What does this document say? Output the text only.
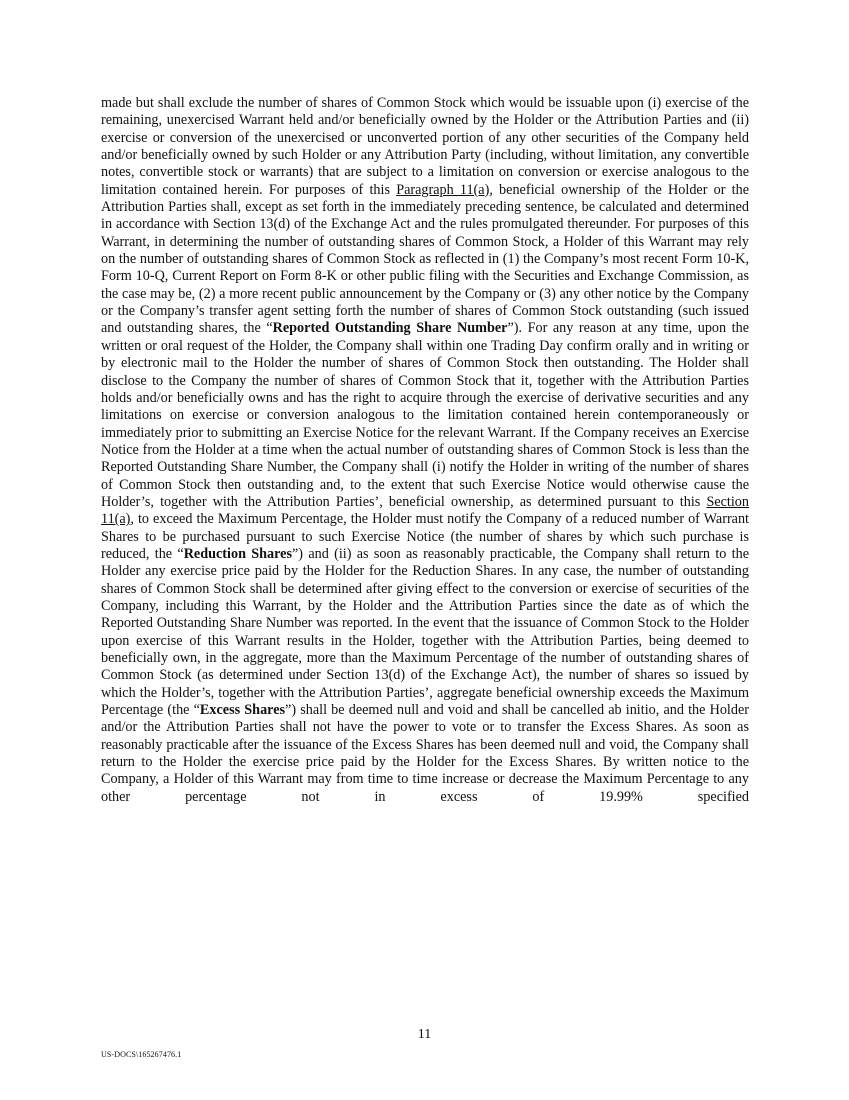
made but shall exclude the number of shares of Common Stock which would be issuable upon (i) exercise of the remaining, unexercised Warrant held and/or beneficially owned by the Holder or the Attribution Parties and (ii) exercise or conversion of the unexercised or unconverted portion of any other securities of the Company held and/or beneficially owned by such Holder or any Attribution Party (including, without limitation, any convertible notes, convertible stock or warrants) that are subject to a limitation on conversion or exercise analogous to the limitation contained herein. For purposes of this Paragraph 11(a), beneficial ownership of the Holder or the Attribution Parties shall, except as set forth in the immediately preceding sentence, be calculated and determined in accordance with Section 13(d) of the Exchange Act and the rules promulgated thereunder. For purposes of this Warrant, in determining the number of outstanding shares of Common Stock, a Holder of this Warrant may rely on the number of outstanding shares of Common Stock as reflected in (1) the Company’s most recent Form 10-K, Form 10-Q, Current Report on Form 8-K or other public filing with the Securities and Exchange Commission, as the case may be, (2) a more recent public announcement by the Company or (3) any other notice by the Company or the Company’s transfer agent setting forth the number of shares of Common Stock outstanding (such issued and outstanding shares, the “Reported Outstanding Share Number”). For any reason at any time, upon the written or oral request of the Holder, the Company shall within one Trading Day confirm orally and in writing or by electronic mail to the Holder the number of shares of Common Stock then outstanding. The Holder shall disclose to the Company the number of shares of Common Stock that it, together with the Attribution Parties holds and/or beneficially owns and has the right to acquire through the exercise of derivative securities and any limitations on exercise or conversion analogous to the limitation contained herein contemporaneously or immediately prior to submitting an Exercise Notice for the relevant Warrant. If the Company receives an Exercise Notice from the Holder at a time when the actual number of outstanding shares of Common Stock is less than the Reported Outstanding Share Number, the Company shall (i) notify the Holder in writing of the number of shares of Common Stock then outstanding and, to the extent that such Exercise Notice would otherwise cause the Holder’s, together with the Attribution Parties’, beneficial ownership, as determined pursuant to this Section 11(a), to exceed the Maximum Percentage, the Holder must notify the Company of a reduced number of Warrant Shares to be purchased pursuant to such Exercise Notice (the number of shares by which such purchase is reduced, the “Reduction Shares”) and (ii) as soon as reasonably practicable, the Company shall return to the Holder any exercise price paid by the Holder for the Reduction Shares. In any case, the number of outstanding shares of Common Stock shall be determined after giving effect to the conversion or exercise of securities of the Company, including this Warrant, by the Holder and the Attribution Parties since the date as of which the Reported Outstanding Share Number was reported. In the event that the issuance of Common Stock to the Holder upon exercise of this Warrant results in the Holder, together with the Attribution Parties, being deemed to beneficially own, in the aggregate, more than the Maximum Percentage of the number of outstanding shares of Common Stock (as determined under Section 13(d) of the Exchange Act), the number of shares so issued by which the Holder’s, together with the Attribution Parties’, aggregate beneficial ownership exceeds the Maximum Percentage (the “Excess Shares”) shall be deemed null and void and shall be cancelled ab initio, and the Holder and/or the Attribution Parties shall not have the power to vote or to transfer the Excess Shares. As soon as reasonably practicable after the issuance of the Excess Shares has been deemed null and void, the Company shall return to the Holder the exercise price paid by the Holder for the Excess Shares. By written notice to the Company, a Holder of this Warrant may from time to time increase or decrease the Maximum Percentage to any other percentage not in excess of 19.99% specified

11
US-DOCS\165267476.1
